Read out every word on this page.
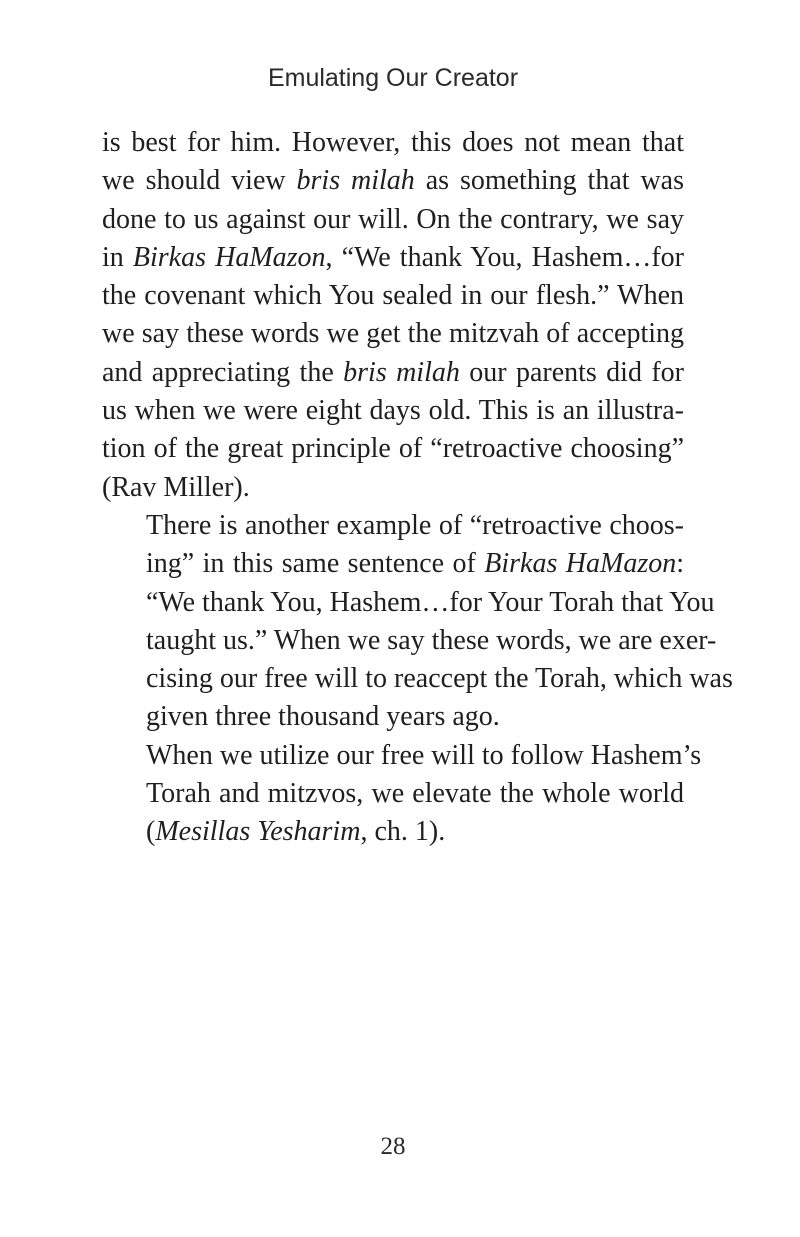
Emulating Our Creator

is best for him. However, this does not mean that
we should view bris milah as something that was
done to us against our will. On the contrary, we say
in Birkas HaMazon, “We thank You, Hashem…for
the covenant which You sealed in our flesh.” When
we say these words we get the mitzvah of accepting
and appreciating the bris milah our parents did for
us when we were eight days old. This is an illustra-
tion of the great principle of “retroactive choosing”
(Rav Miller).

There is another example of “retroactive choos-
ing” in this same sentence of Birkas HaMazon:
“We thank You, Hashem…for Your Torah that You
taught us.” When we say these words, we are exer-
cising our free will to reaccept the Torah, which was
given three thousand years ago.

When we utilize our free will to follow Hashem’s
Torah and mitzvos, we elevate the whole world
(Mesillas Yesharim, ch. 1).

28
